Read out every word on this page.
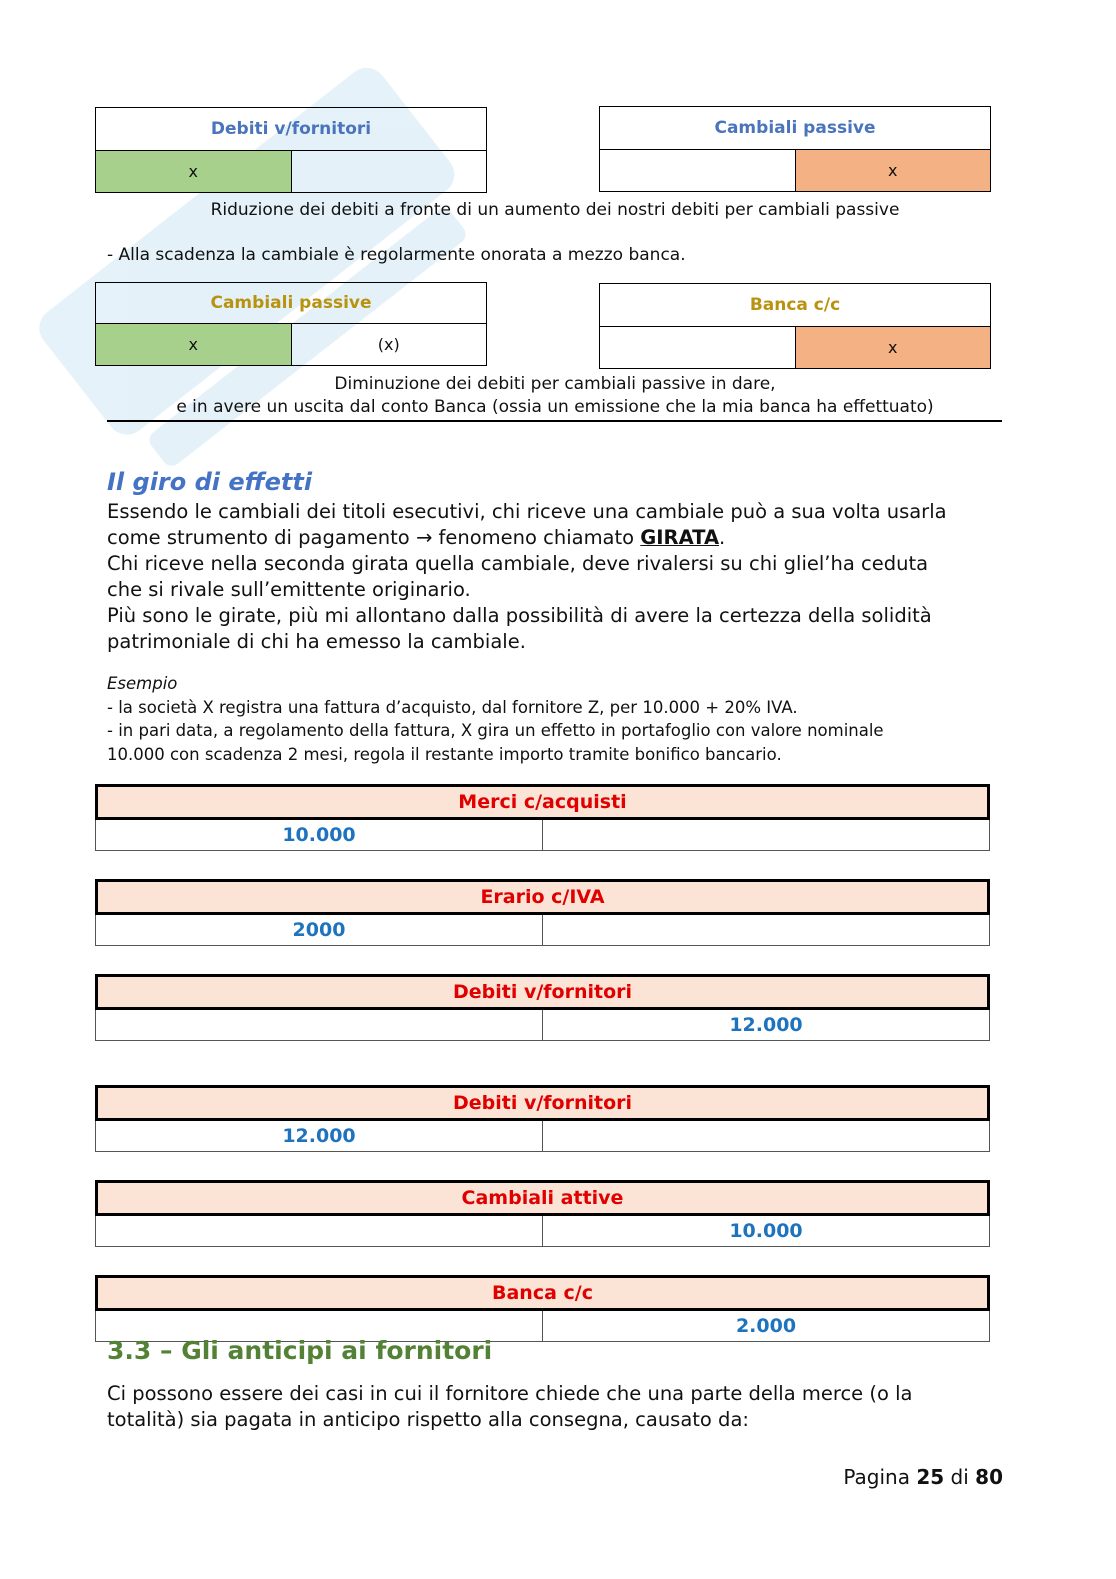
Debiti v/fornitori
x
Cambiali passive
x
Riduzione dei debiti a fronte di un aumento dei nostri debiti per cambiali passive
- Alla scadenza la cambiale è regolarmente onorata a mezzo banca.
Cambiali passive
x	(x)
Banca c/c
x
Diminuzione dei debiti per cambiali passive in dare,
e in avere un uscita dal conto Banca (ossia un emissione che la mia banca ha effettuato)
Il giro di effetti
Essendo le cambiali dei titoli esecutivi, chi riceve una cambiale può a sua volta usarla
come strumento di pagamento → fenomeno chiamato GIRATA.
Chi riceve nella seconda girata quella cambiale, deve rivalersi su chi gliel’ha ceduta
che si rivale sull’emittente originario.
Più sono le girate, più mi allontano dalla possibilità di avere la certezza della solidità
patrimoniale di chi ha emesso la cambiale.
Esempio
- la società X registra una fattura d’acquisto, dal fornitore Z, per 10.000 + 20% IVA.
- in pari data, a regolamento della fattura, X gira un effetto in portafoglio con valore nominale
10.000 con scadenza 2 mesi, regola il restante importo tramite bonifico bancario.
Merci c/acquisti
10.000
Erario c/IVA
2000
Debiti v/fornitori
12.000
Debiti v/fornitori
12.000
Cambiali attive
10.000
Banca c/c
2.000
3.3 – Gli anticipi ai fornitori
Ci possono essere dei casi in cui il fornitore chiede che una parte della merce (o la
totalità) sia pagata in anticipo rispetto alla consegna, causato da:
Pagina 25 di 80
